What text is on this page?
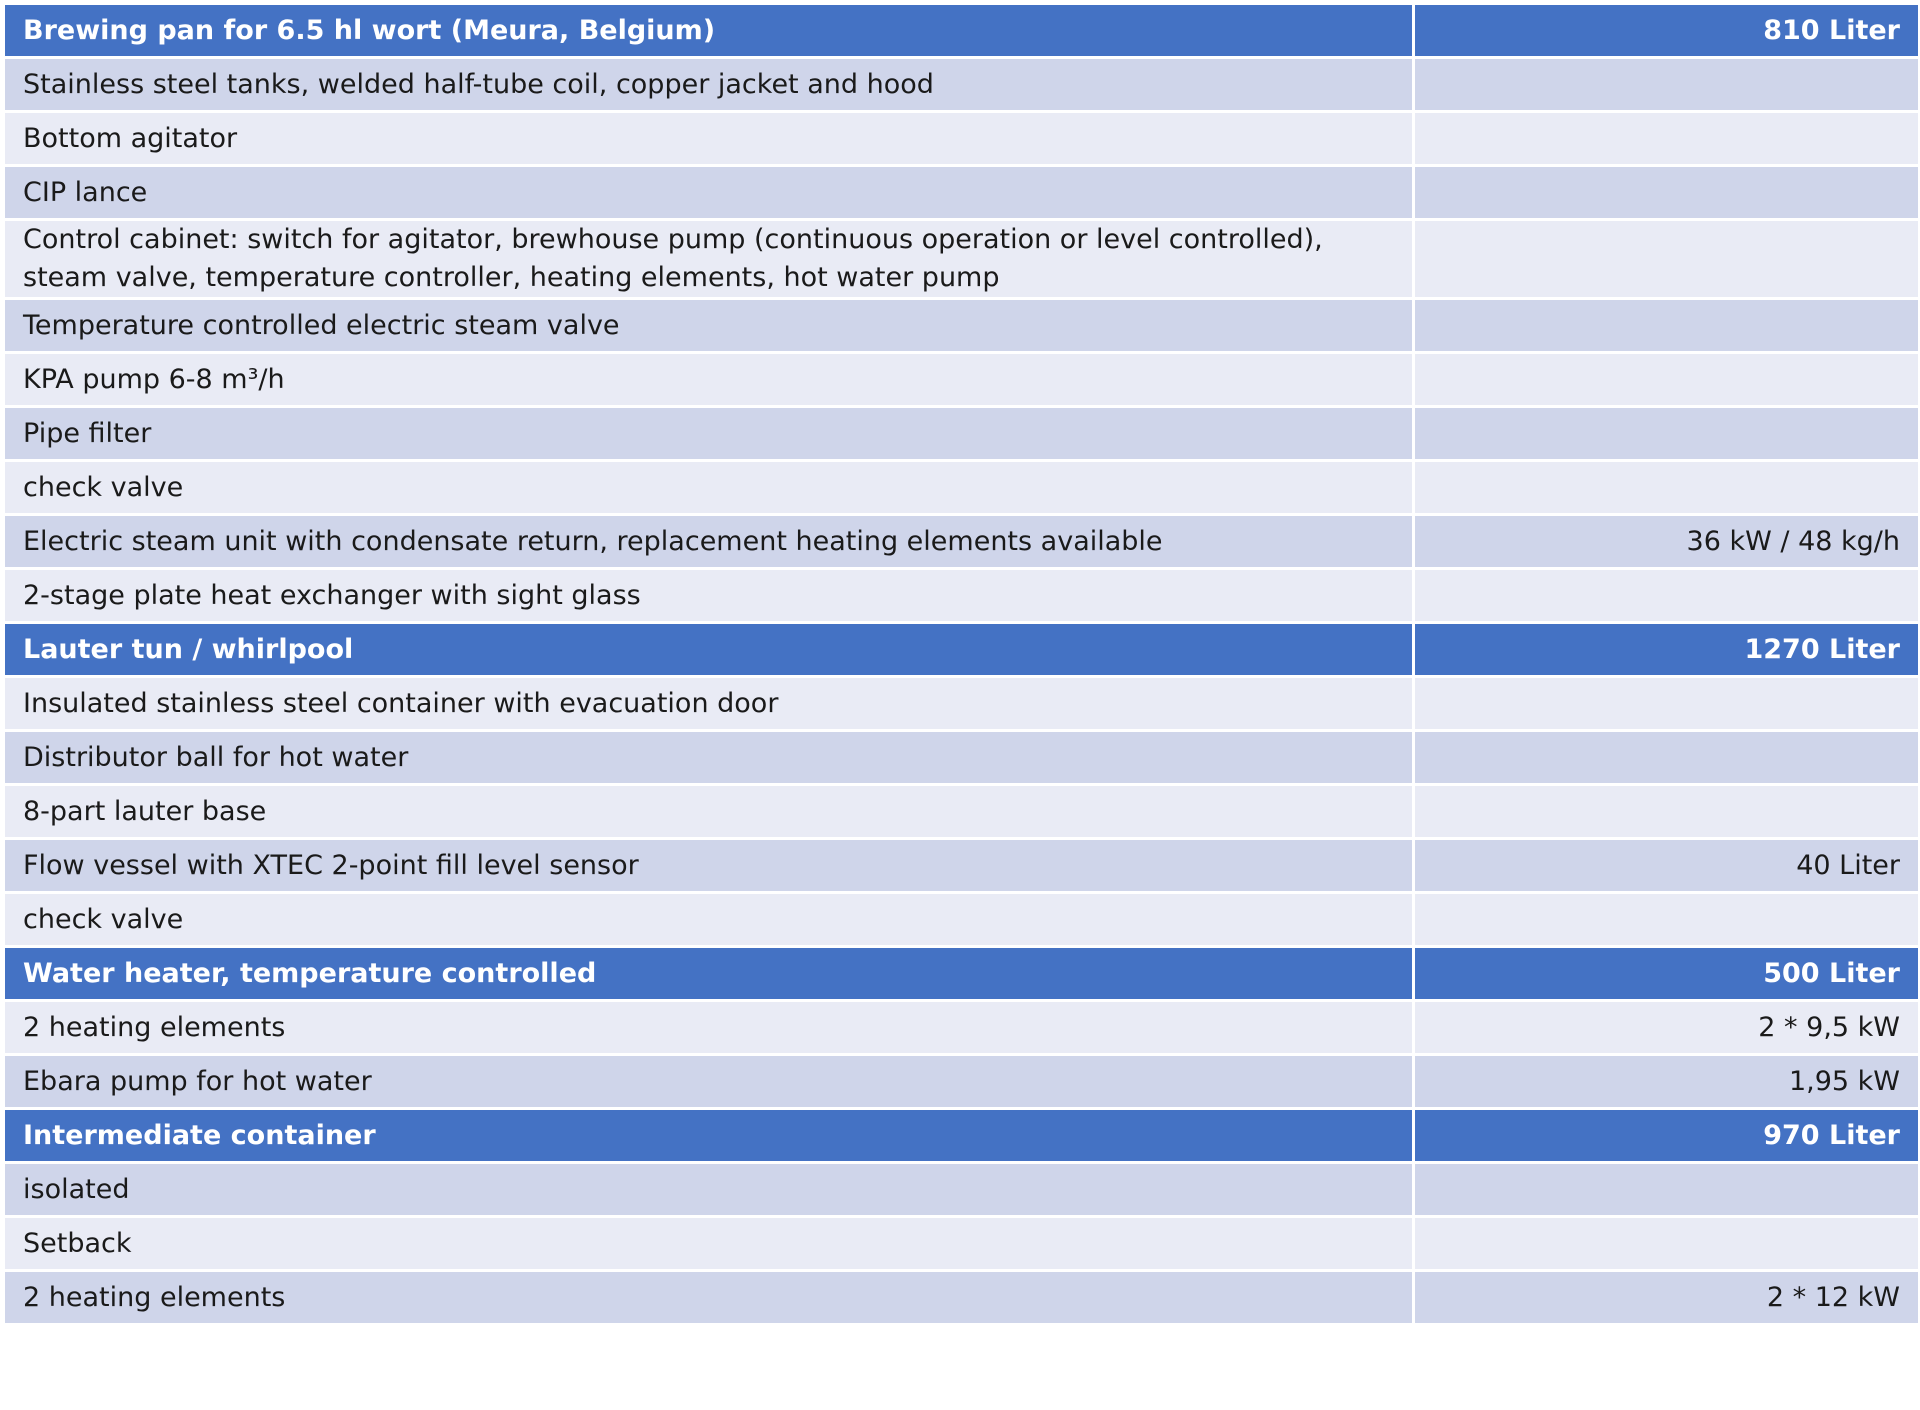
Brewing pan for 6.5 hl wort (Meura, Belgium)	810 Liter
Stainless steel tanks, welded half-tube coil, copper jacket and hood	
Bottom agitator	
CIP lance	
Control cabinet: switch for agitator, brewhouse pump (continuous operation or level controlled), steam valve, temperature controller, heating elements, hot water pump	
Temperature controlled electric steam valve	
KPA pump 6-8 m³/h	
Pipe filter	
check valve	
Electric steam unit with condensate return, replacement heating elements available	36 kW / 48 kg/h
2-stage plate heat exchanger with sight glass	
Lauter tun / whirlpool	1270 Liter
Insulated stainless steel container with evacuation door	
Distributor ball for hot water	
8-part lauter base	
Flow vessel with XTEC 2-point fill level sensor	40 Liter
check valve	
Water heater, temperature controlled	500 Liter
2 heating elements	2 * 9,5 kW
Ebara pump for hot water	1,95 kW
Intermediate container	970 Liter
isolated	
Setback	
2 heating elements	2 * 12 kW
